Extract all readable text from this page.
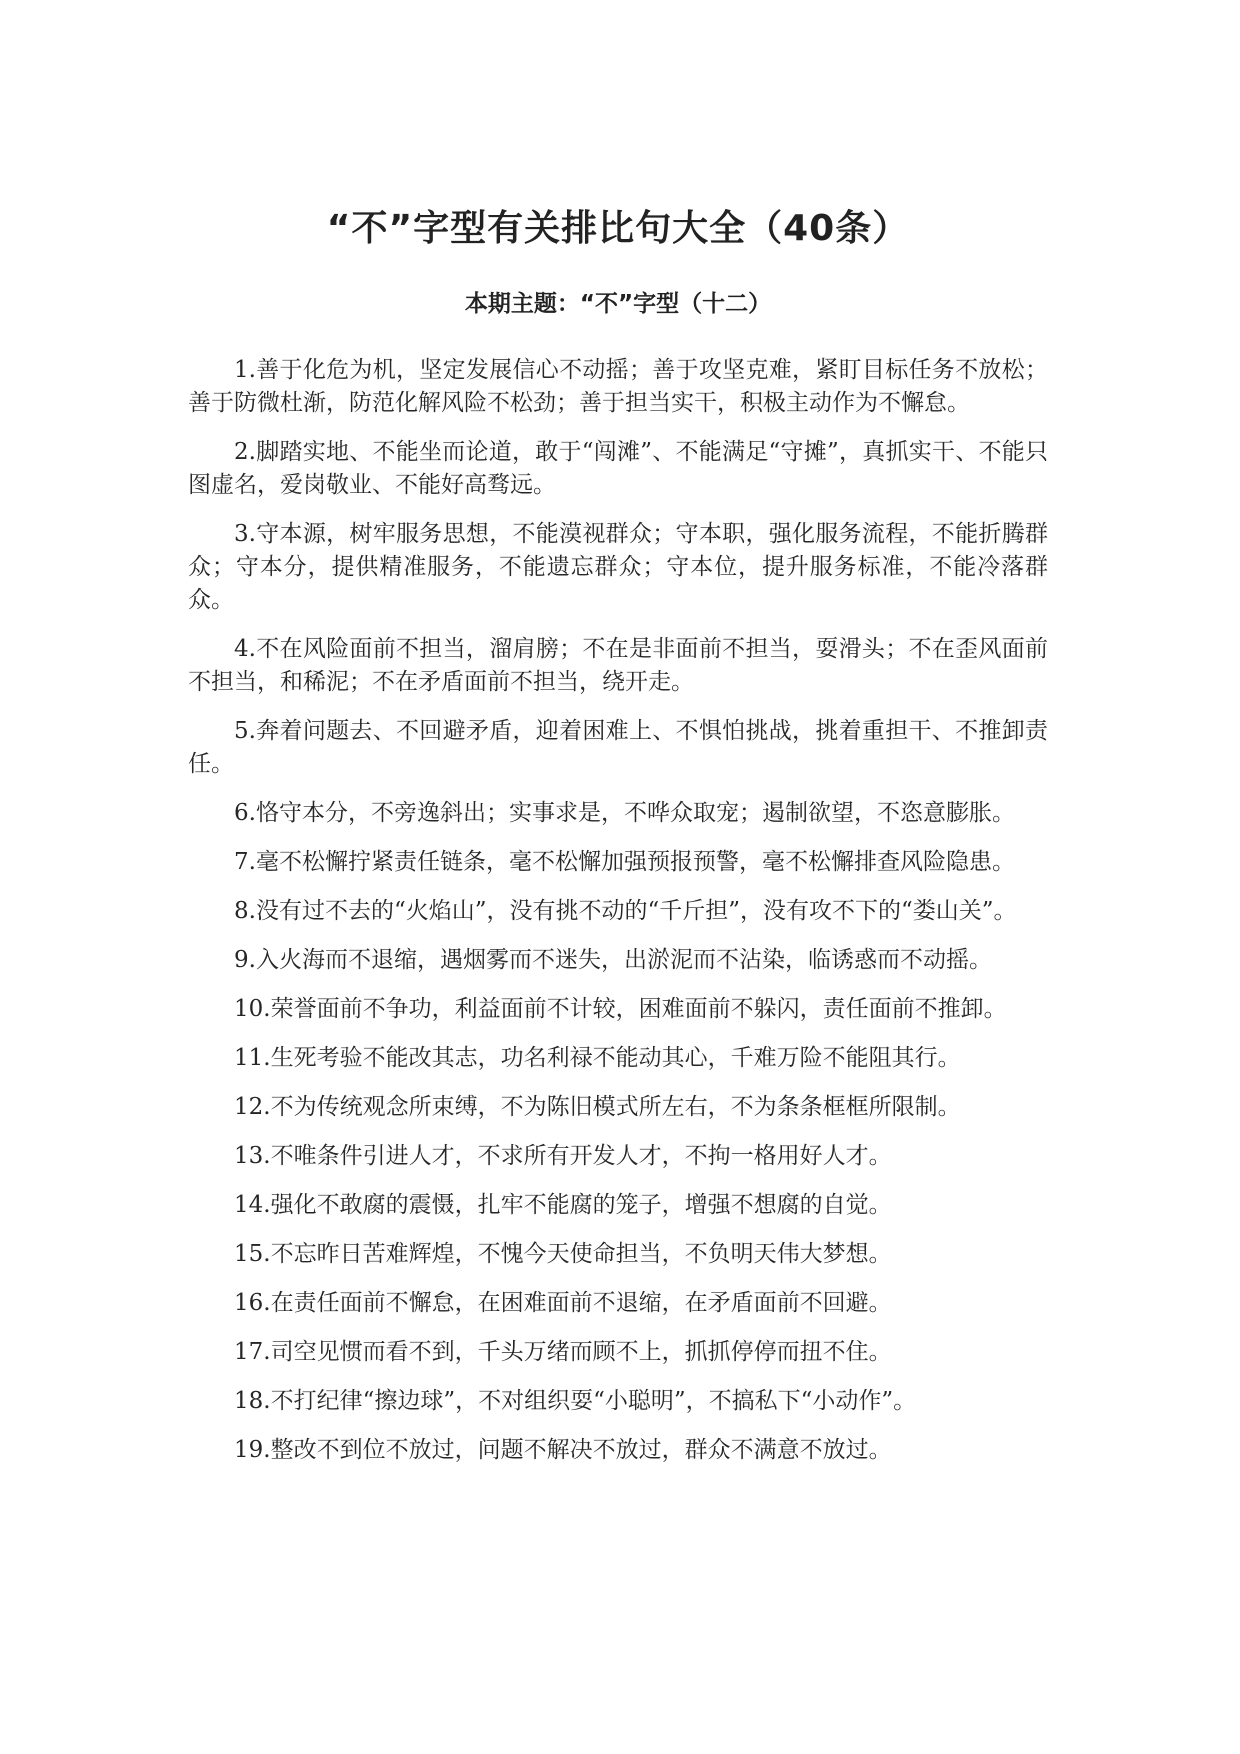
“不”字型有关排比句大全（40条）
本期主题：“不”字型（十二）

1.善于化危为机，坚定发展信心不动摇；善于攻坚克难，紧盯目标任务不放松；善于防微杜渐，防范化解风险不松劲；善于担当实干，积极主动作为不懈怠。

2.脚踏实地、不能坐而论道，敢于“闯滩”、不能满足“守摊”，真抓实干、不能只图虚名，爱岗敬业、不能好高骛远。

3.守本源，树牢服务思想，不能漠视群众；守本职，强化服务流程，不能折腾群众；守本分，提供精准服务，不能遗忘群众；守本位，提升服务标准，不能冷落群众。

4.不在风险面前不担当，溜肩膀；不在是非面前不担当，耍滑头；不在歪风面前不担当，和稀泥；不在矛盾面前不担当，绕开走。

5.奔着问题去、不回避矛盾，迎着困难上、不惧怕挑战，挑着重担干、不推卸责任。

6.恪守本分，不旁逸斜出；实事求是，不哗众取宠；遏制欲望，不恣意膨胀。

7.毫不松懈拧紧责任链条，毫不松懈加强预报预警，毫不松懈排查风险隐患。

8.没有过不去的“火焰山”，没有挑不动的“千斤担”，没有攻不下的“娄山关”。

9.入火海而不退缩，遇烟雾而不迷失，出淤泥而不沾染，临诱惑而不动摇。

10.荣誉面前不争功，利益面前不计较，困难面前不躲闪，责任面前不推卸。

11.生死考验不能改其志，功名利禄不能动其心，千难万险不能阻其行。

12.不为传统观念所束缚，不为陈旧模式所左右，不为条条框框所限制。

13.不唯条件引进人才，不求所有开发人才，不拘一格用好人才。

14.强化不敢腐的震慑，扎牢不能腐的笼子，增强不想腐的自觉。

15.不忘昨日苦难辉煌，不愧今天使命担当，不负明天伟大梦想。

16.在责任面前不懈怠，在困难面前不退缩，在矛盾面前不回避。

17.司空见惯而看不到，千头万绪而顾不上，抓抓停停而扭不住。

18.不打纪律“擦边球”，不对组织耍“小聪明”，不搞私下“小动作”。

19.整改不到位不放过，问题不解决不放过，群众不满意不放过。
